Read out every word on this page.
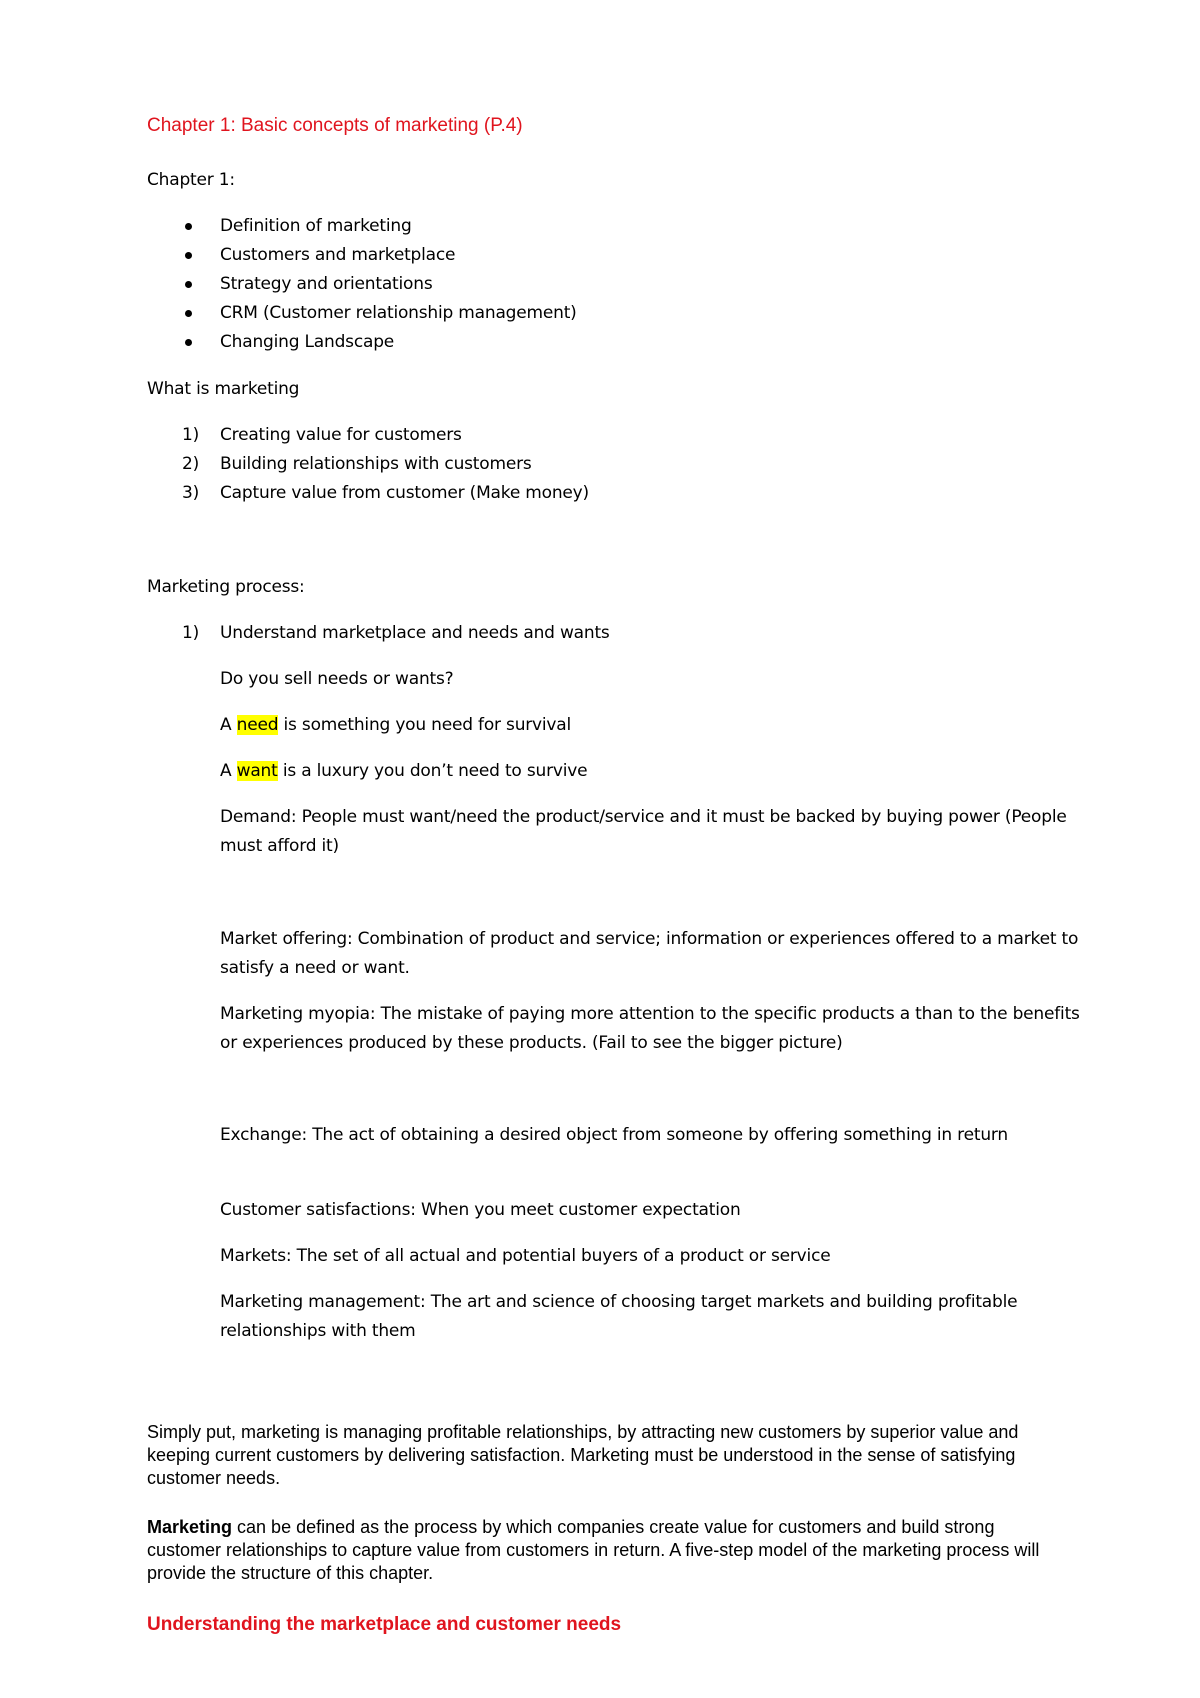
Chapter 1: Basic concepts of marketing (P.4)

Chapter 1:

Definition of marketing
Customers and marketplace
Strategy and orientations
CRM (Customer relationship management)
Changing Landscape

What is marketing

1) Creating value for customers
2) Building relationships with customers
3) Capture value from customer (Make money)

Marketing process:

1) Understand marketplace and needs and wants

Do you sell needs or wants?

A need is something you need for survival

A want is a luxury you don’t need to survive

Demand: People must want/need the product/service and it must be backed by buying power (People must afford it)

Market offering: Combination of product and service; information or experiences offered to a market to satisfy a need or want.

Marketing myopia: The mistake of paying more attention to the specific products a than to the benefits or experiences produced by these products. (Fail to see the bigger picture)

Exchange: The act of obtaining a desired object from someone by offering something in return

Customer satisfactions: When you meet customer expectation

Markets: The set of all actual and potential buyers of a product or service

Marketing management: The art and science of choosing target markets and building profitable relationships with them

Simply put, marketing is managing profitable relationships, by attracting new customers by superior value and keeping current customers by delivering satisfaction. Marketing must be understood in the sense of satisfying customer needs.

Marketing can be defined as the process by which companies create value for customers and build strong customer relationships to capture value from customers in return. A five-step model of the marketing process will provide the structure of this chapter.

Understanding the marketplace and customer needs
